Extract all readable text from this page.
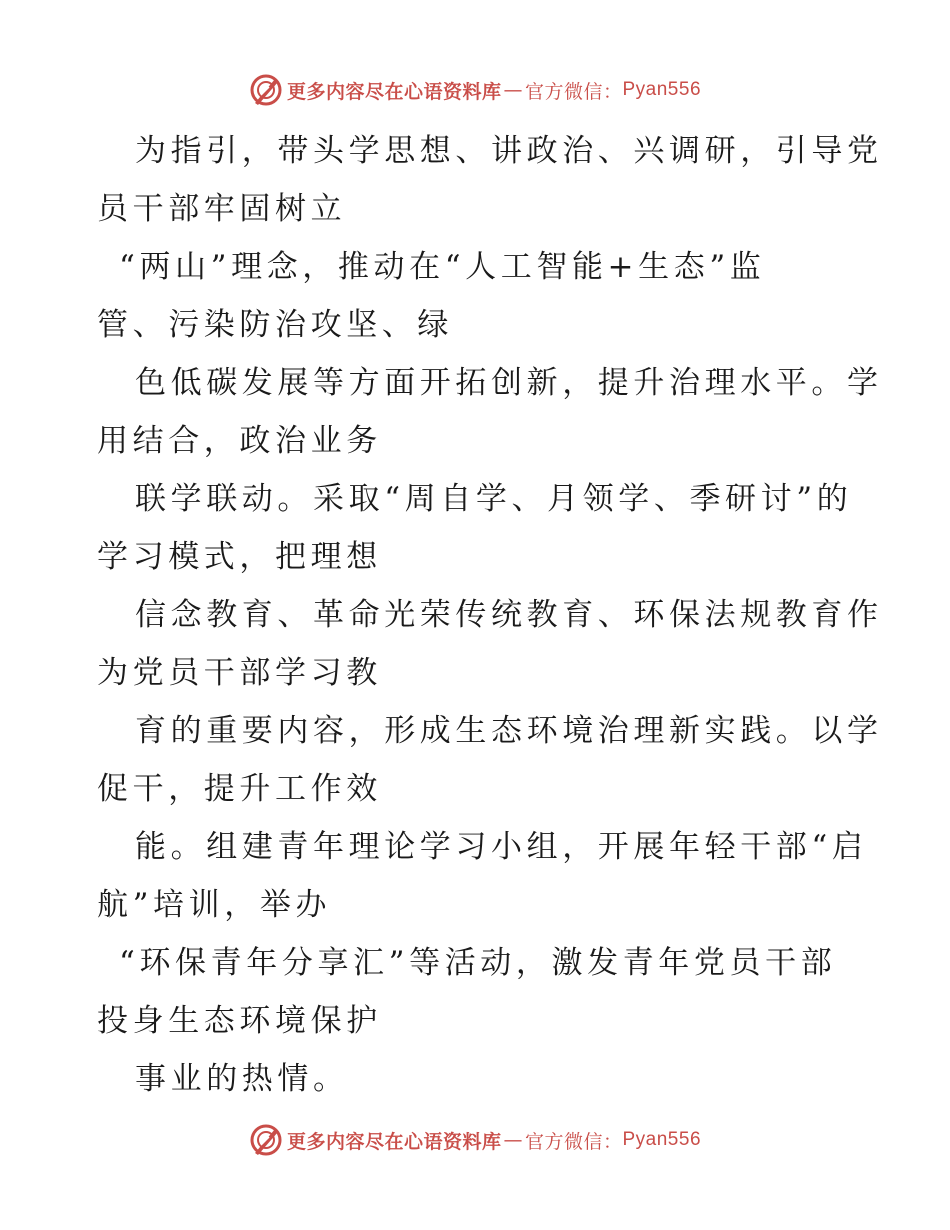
更多内容尽在心语资料库 — 官方微信： Pyan556
为指引，带头学思想、讲政治、兴调研，引导党
员干部牢固树立
“两山”理念，推动在“人工智能+生态”监
管、污染防治攻坚、绿
色低碳发展等方面开拓创新，提升治理水平。学
用结合，政治业务
联学联动。采取“周自学、月领学、季研讨”的
学习模式，把理想
信念教育、革命光荣传统教育、环保法规教育作
为党员干部学习教
育的重要内容，形成生态环境治理新实践。以学
促干，提升工作效
能。组建青年理论学习小组，开展年轻干部“启
航”培训，举办
“环保青年分享汇”等活动，激发青年党员干部
投身生态环境保护
事业的热情。
更多内容尽在心语资料库 — 官方微信： Pyan556
